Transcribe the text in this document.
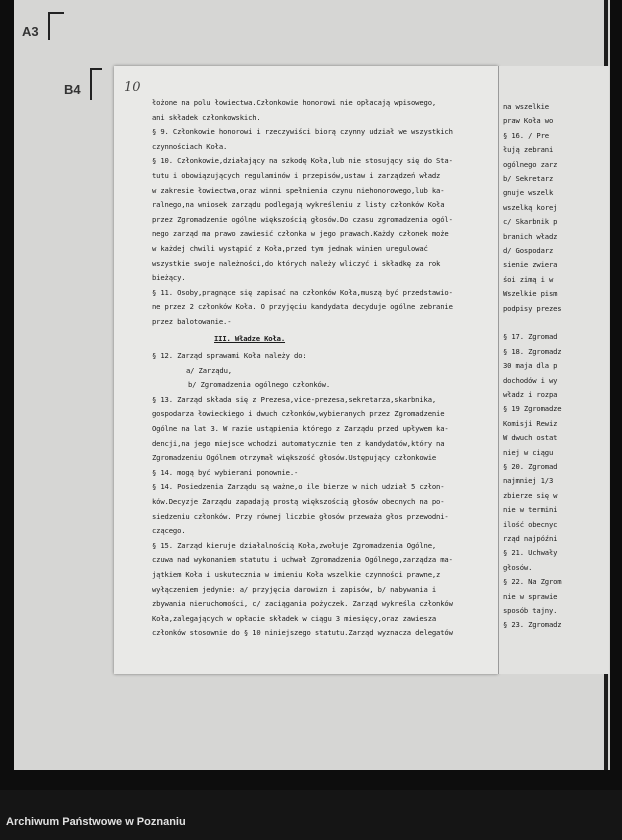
A3
B4	10
łożone na polu łowiectwa.Członkowie honorowi nie opłacają wpisowego,
ani składek członkowskich.
§ 9. Członkowie honorowi i rzeczywiści biorą czynny udział we wszystkich
czynnościach Koła.
§ 10. Członkowie,działający na szkodę Koła,lub nie stosujący się do Sta-
tutu i obowiązujących regulaminów i przepisów,ustaw i zarządzeń władz
w zakresie łowiectwa,oraz winni spełnienia czynu niehonorowego,lub ka-
ralnego,na wniosek zarządu podlegają wykreśleniu z listy członków Koła
przez Zgromadzenie ogólne większością głosów.Do czasu zgromadzenia ogól-
nego zarząd ma prawo zawiesić członka w jego prawach.Każdy członek może
w każdej chwili wystąpić z Koła,przed tym jednak winien uregulować
wszystkie swoje należności,do których należy wliczyć i składkę za rok
bieżący.
§ 11. Osoby,pragnące się zapisać na członków Koła,muszą być przedstawio-
ne przez 2 członków Koła. O przyjęciu kandydata decyduje ogólne zebranie
przez balotowanie.-
III. Władze Koła.
§ 12. Zarząd sprawami Koła należy do:
a/ Zarządu,
b/ Zgromadzenia ogólnego członków.
§ 13. Zarząd składa się z Prezesa,vice-prezesa,sekretarza,skarbnika,
gospodarza łowieckiego i dwuch członków,wybieranych przez Zgromadzenie
Ogólne na lat 3. W razie ustąpienia którego z Zarządu przed upływem ka-
dencji,na jego miejsce wchodzi automatycznie ten z kandydatów,który na
Zgromadzeniu Ogólnem otrzymał większość głosów.Ustępujący członkowie
§ 14. mogą być wybierani ponownie.-
§ 14. Posiedzenia Zarządu są ważne,o ile bierze w nich udział 5 człon-
ków.Decyzje Zarządu zapadają prostą większością głosów obecnych na po-
siedzeniu członków. Przy równej liczbie głosów przeważa głos przewodni-
czącego.
§ 15. Zarząd kieruje działalnością Koła,zwołuje Zgromadzenia Ogólne,
czuwa nad wykonaniem statutu i uchwał Zgromadzenia Ogólnego,zarządza ma-
jątkiem Koła i uskutecznia w imieniu Koła wszelkie czynności prawne,z
wyłączeniem jedynie: a/ przyjęcia darowizn i zapisów, b/ nabywania i
zbywania nieruchomości, c/ zaciągania pożyczek. Zarząd wykreśla członków
Koła,zalegających w opłacie składek w ciągu 3 miesięcy,oraz zawiesza
członków stosownie do § 10 niniejszego statutu.Zarząd wyznacza delegatów
na wszelkie
praw Koła wo
§ 16. / Pre
łują zebrani
ogólnego zarz
b/ Sekretarz
gnuje wszelk
wszelką korej
c/ Skarbnik p
branich władz
d/ Gospodarz
sienie zwiera
śoi zimą i w
Wszelkie pism
podpisy prezes
§ 17. Zgromad
§ 18. Zgromadz
30 maja dla p
dochodów i wy
władz i rozpa
§ 19 Zgromadze
Komisji Rewiz
W dwuch ostat
niej w ciągu
§ 20. Zgromad
najmniej 1/3
zbierze się w
nie w termini
ilość obecnyc
rząd najpóźni
§ 21. Uchwały
głosów.
§ 22. Na Zgrom
nie w sprawie
sposób tajny.
§ 23. Zgromadz
Archiwum Państwowe w Poznaniu
